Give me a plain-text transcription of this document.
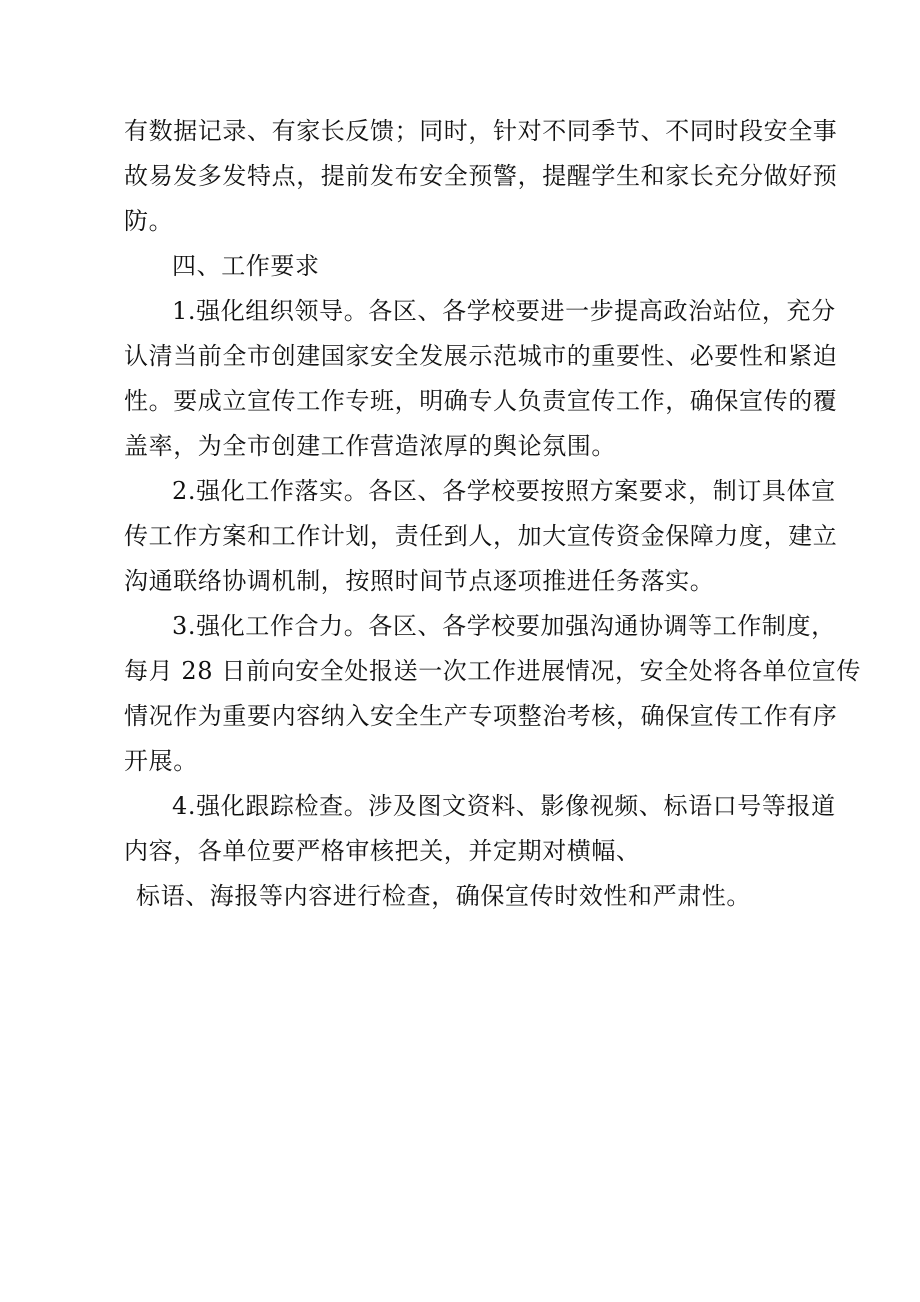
有数据记录、有家长反馈；同时，针对不同季节、不同时段安全事

故易发多发特点，提前发布安全预警，提醒学生和家长充分做好预

防。

四、工作要求

1.强化组织领导。各区、各学校要进一步提高政治站位，充分

认清当前全市创建国家安全发展示范城市的重要性、必要性和紧迫

性。要成立宣传工作专班，明确专人负责宣传工作，确保宣传的覆

盖率，为全市创建工作营造浓厚的舆论氛围。

2.强化工作落实。各区、各学校要按照方案要求，制订具体宣

传工作方案和工作计划，责任到人，加大宣传资金保障力度，建立

沟通联络协调机制，按照时间节点逐项推进任务落实。

3.强化工作合力。各区、各学校要加强沟通协调等工作制度，

每月 28 日前向安全处报送一次工作进展情况，安全处将各单位宣传

情况作为重要内容纳入安全生产专项整治考核，确保宣传工作有序

开展。

4.强化跟踪检查。涉及图文资料、影像视频、标语口号等报道

内容，各单位要严格审核把关，并定期对横幅、

标语、海报等内容进行检查，确保宣传时效性和严肃性。
